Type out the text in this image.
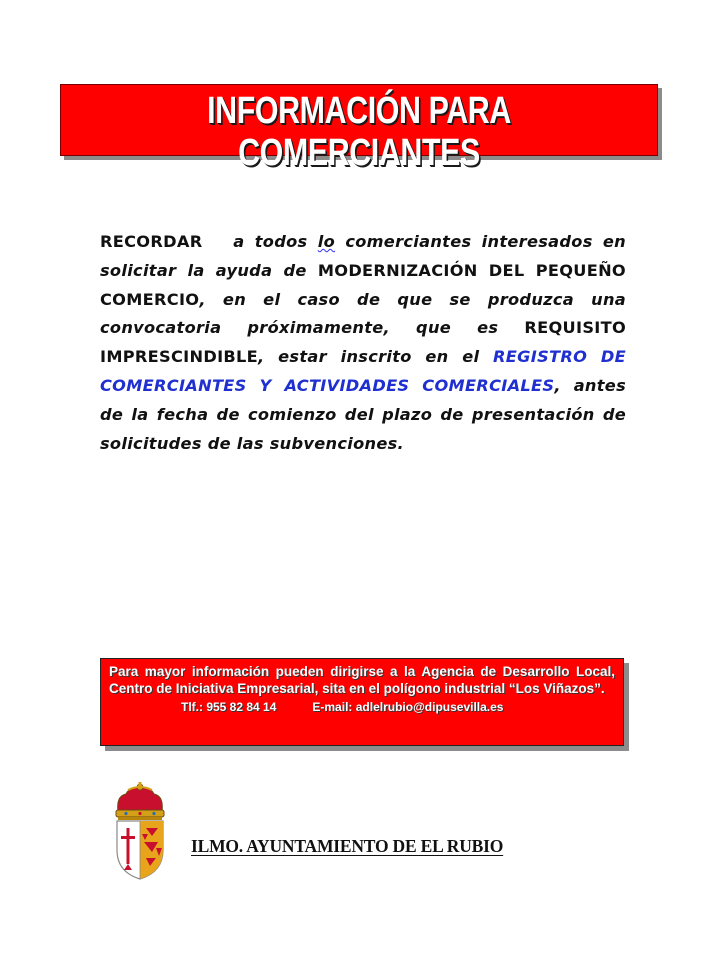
INFORMACIÓN PARA COMERCIANTES
RECORDAR a todos lo comerciantes interesados en solicitar la ayuda de MODERNIZACIÓN DEL PEQUEÑO COMERCIO, en el caso de que se produzca una convocatoria próximamente, que es REQUISITO IMPRESCINDIBLE, estar inscrito en el REGISTRO DE COMERCIANTES Y ACTIVIDADES COMERCIALES, antes de la fecha de comienzo del plazo de presentación de solicitudes de las subvenciones.
Para mayor información pueden dirigirse a la Agencia de Desarrollo Local, Centro de Iniciativa Empresarial, sita en el polígono industrial “Los Viñazos”.
Tlf.: 955 82 84 14	E-mail: adlelrubio@dipusevilla.es
ILMO. AYUNTAMIENTO DE EL RUBIO
